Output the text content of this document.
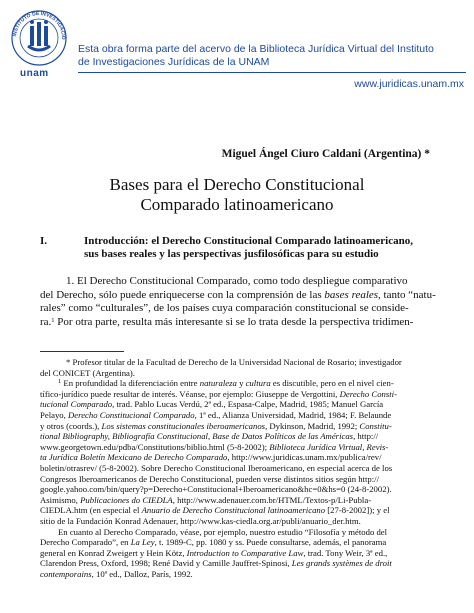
INSTITUTO DE INVESTIGACIO
unam
Esta obra forma parte del acervo de la Biblioteca Jurídica Virtual del Instituto
de Investigaciones Jurídicas de la UNAM
www.juridicas.unam.mx
Miguel Ángel Ciuro Caldani (Argentina) *
Bases para el Derecho Constitucional
Comparado latinoamericano
I.	Introducción: el Derecho Constitucional Comparado latinoamericano,
sus bases reales y las perspectivas jusfilosóficas para su estudio
1. El Derecho Constitucional Comparado, como todo despliegue comparativo
del Derecho, sólo puede enriquecerse con la comprensión de las bases reales, tanto “natu-
rales” como “culturales”, de los países cuya comparación constitucional se conside-
ra.$^1$ Por otra parte, resulta más interesante si se lo trata desde la perspectiva tridimen-
* Profesor titular de la Facultad de Derecho de la Universidad Nacional de Rosario; investigador
del CONICET (Argentina).
$^1$ En profundidad la diferenciación entre naturaleza y cultura es discutible, pero en el nivel cien-
tífico-jurídico puede resultar de interés. Véanse, por ejemplo: Giuseppe de Vergottini, Derecho Consti-
tucional Comparado, trad. Pablo Lucas Verdú, 2ª ed., Espasa-Calpe, Madrid, 1985; Manuel García
Pelayo, Derecho Constitucional Comparado, 1ª ed., Alianza Universidad, Madrid, 1984; F. Belaunde
y otros (coords.), Los sistemas constitucionales iberoamericanos, Dykinson, Madrid, 1992; Constitu-
tional Bibliography, Bibliografía Constitucional, Base de Datos Políticos de las Américas, http://
www.georgetown.edu/pdba/Constitutions/biblio.html (5-8-2002); Biblioteca Jurídica Virtual, Revis-
ta Jurídica Boletín Mexicano de Derecho Comparado, http://www.juridicas.unam.mx/publica/rev/
boletin/otrasrev/ (5-8-2002). Sobre Derecho Constitucional Iberoamericano, en especial acerca de los
Congresos Iberoamericanos de Derecho Constitucional, pueden verse distintos sitios según http://
google.yahoo.com/bin/query?p=Derecho+Constitucional+Iberoamericano&hc=0&hs=0 (24-8-2002).
Asimismo, Publicaciones do CIEDLA, http://www.adenauer.com.br/HTML/Textos-p/Li-Publa-
CIEDLA.htm (en especial el Anuario de Derecho Constitucional latinoamericano [27-8-2002]); y el
sitio de la Fundación Konrad Adenauer, http://www.kas-ciedla.org.ar/publi/anuario_der.htm.
En cuanto al Derecho Comparado, véase, por ejemplo, nuestro estudio “Filosofía y método del
Derecho Comparado”, en La Ley, t. 1989-C, pp. 1080 y ss. Puede consultarse, además, el panorama
general en Konrad Zweigert y Hein Kötz, Introduction to Comparative Law, trad. Tony Weir, 3ª ed.,
Clarendon Press, Oxford, 1998; René David y Camille Jauffret-Spinosi, Les grands systèmes de droit
contemporains, 10ª ed., Dalloz, París, 1992.
